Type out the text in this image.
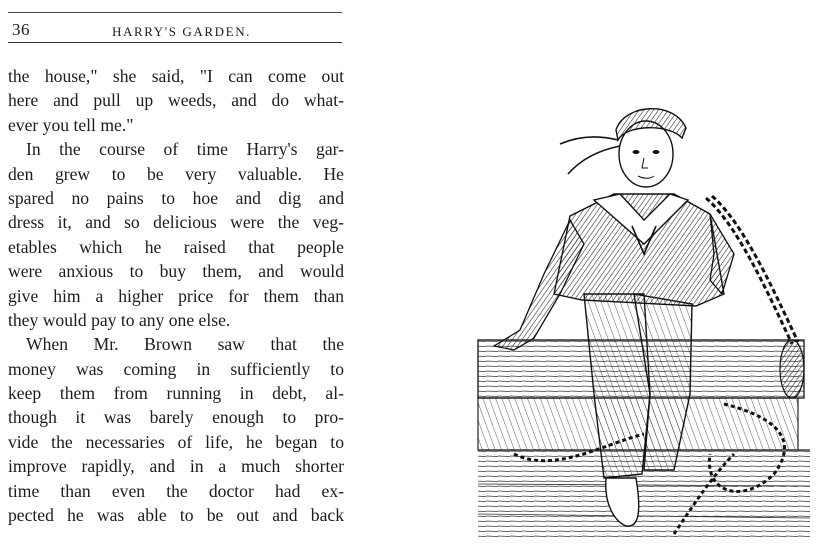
36	HARRY'S GARDEN.
the house," she said, "I can come out
here and pull up weeds, and do what-
ever you tell me."
In the course of time Harry's gar-
den grew to be very valuable. He
spared no pains to hoe and dig and
dress it, and so delicious were the veg-
etables which he raised that people
were anxious to buy them, and would
give him a higher price for them than
they would pay to any one else.
When Mr. Brown saw that the
money was coming in sufficiently to
keep them from running in debt, al-
though it was barely enough to pro-
vide the necessaries of life, he began to
improve rapidly, and in a much shorter
time than even the doctor had ex-
pected he was able to be out and back
